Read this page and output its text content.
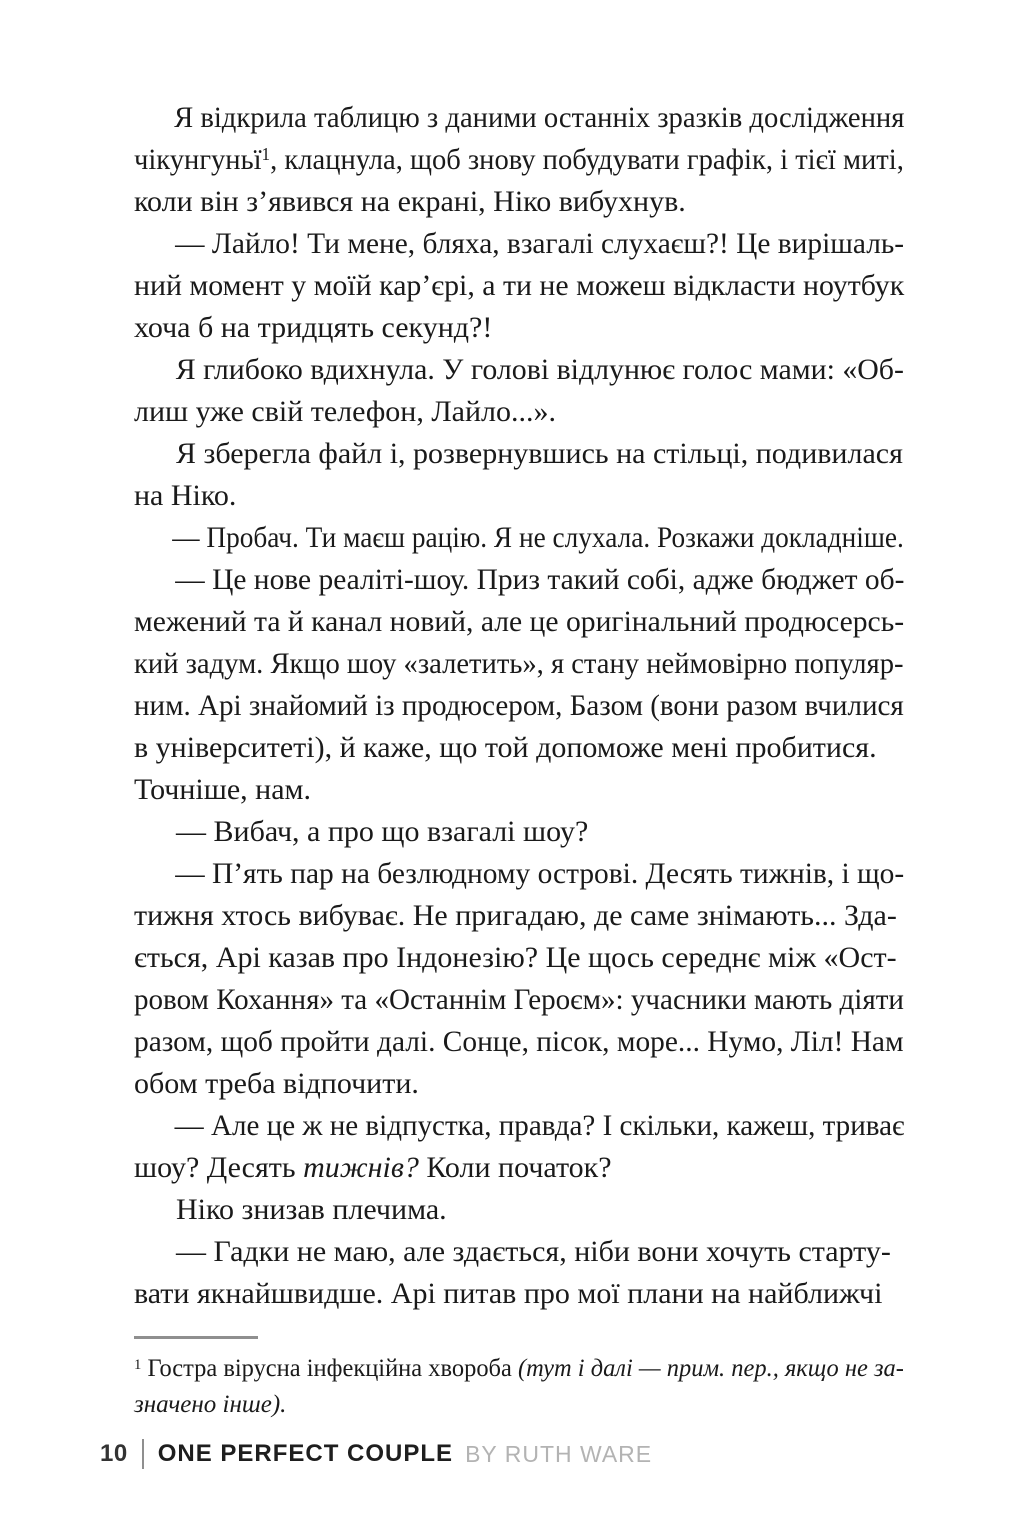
Я відкрила таблицю з даними останніх зразків дослідження
чікунгуньї$^1$, клацнула, щоб знову побудувати графік, і тієї миті,
коли він з’явився на екрані, Ніко вибухнув.
— Лайло! Ти мене, бляха, взагалі слухаєш?! Це вирішаль-
ний момент у моїй кар’єрі, а ти не можеш відкласти ноутбук
хоча б на тридцять секунд?!
Я глибоко вдихнула. У голові відлунює голос мами: «Об-
лиш уже свій телефон, Лайло...».
Я зберегла файл і, розвернувшись на стільці, подивилася
на Ніко.
— Пробач. Ти маєш рацію. Я не слухала. Розкажи докладніше.
— Це нове реаліті-шоу. Приз такий собі, адже бюджет об-
межений та й канал новий, але це оригінальний продюсерсь-
кий задум. Якщо шоу «залетить», я стану неймовірно популяр-
ним. Арі знайомий із продюсером, Базом (вони разом вчилися
в університеті), й каже, що той допоможе мені пробитися.
Точніше, нам.
— Вибач, а про що взагалі шоу?
— П’ять пар на безлюдному острові. Десять тижнів, і що-
тижня хтось вибуває. Не пригадаю, де саме знімають... Зда-
ється, Арі казав про Індонезію? Це щось середнє між «Ост-
ровом Кохання» та «Останнім Героєм»: учасники мають діяти
разом, щоб пройти далі. Сонце, пісок, море... Нумо, Ліл! Нам
обом треба відпочити.
— Але це ж не відпустка, правда? І скільки, кажеш, триває
шоу? Десять тижнів? Коли початок?
Ніко знизав плечима.
— Гадки не маю, але здається, ніби вони хочуть старту-
вати якнайшвидше. Арі питав про мої плани на найближчі
$^1$ Гостра вірусна інфекційна хвороба (тут і далі — прим. пер., якщо не за-
значено інше).
10 ONE PERFECT COUPLE BY RUTH WARE
